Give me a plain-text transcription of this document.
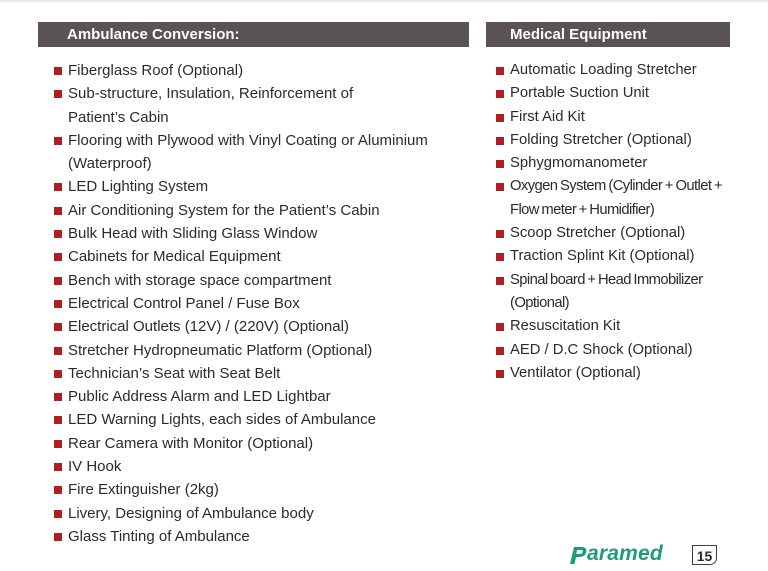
Ambulance Conversion:
Fiberglass Roof (Optional)
Sub-structure, Insulation, Reinforcement of Patient’s Cabin
Flooring with Plywood with Vinyl Coating or Aluminium (Waterproof)
LED Lighting System
Air Conditioning System for the Patient’s Cabin
Bulk Head with Sliding Glass Window
Cabinets for Medical Equipment
Bench with storage space compartment
Electrical Control Panel / Fuse Box
Electrical Outlets (12V) / (220V) (Optional)
Stretcher Hydropneumatic Platform (Optional)
Technician’s Seat with Seat Belt
Public Address Alarm and LED Lightbar
LED Warning Lights, each sides of Ambulance
Rear Camera with Monitor (Optional)
IV Hook
Fire Extinguisher (2kg)
Livery, Designing of Ambulance body
Glass Tinting of Ambulance
Medical Equipment
Automatic Loading Stretcher
Portable Suction Unit
First Aid Kit
Folding Stretcher (Optional)
Sphygmomanometer
Oxygen System (Cylinder + Outlet + Flow meter + Humidifier)
Scoop Stretcher (Optional)
Traction Splint Kit (Optional)
Spinal board + Head Immobilizer (Optional)
Resuscitation Kit
AED / D.C Shock (Optional)
Ventilator (Optional)
aramed	15
